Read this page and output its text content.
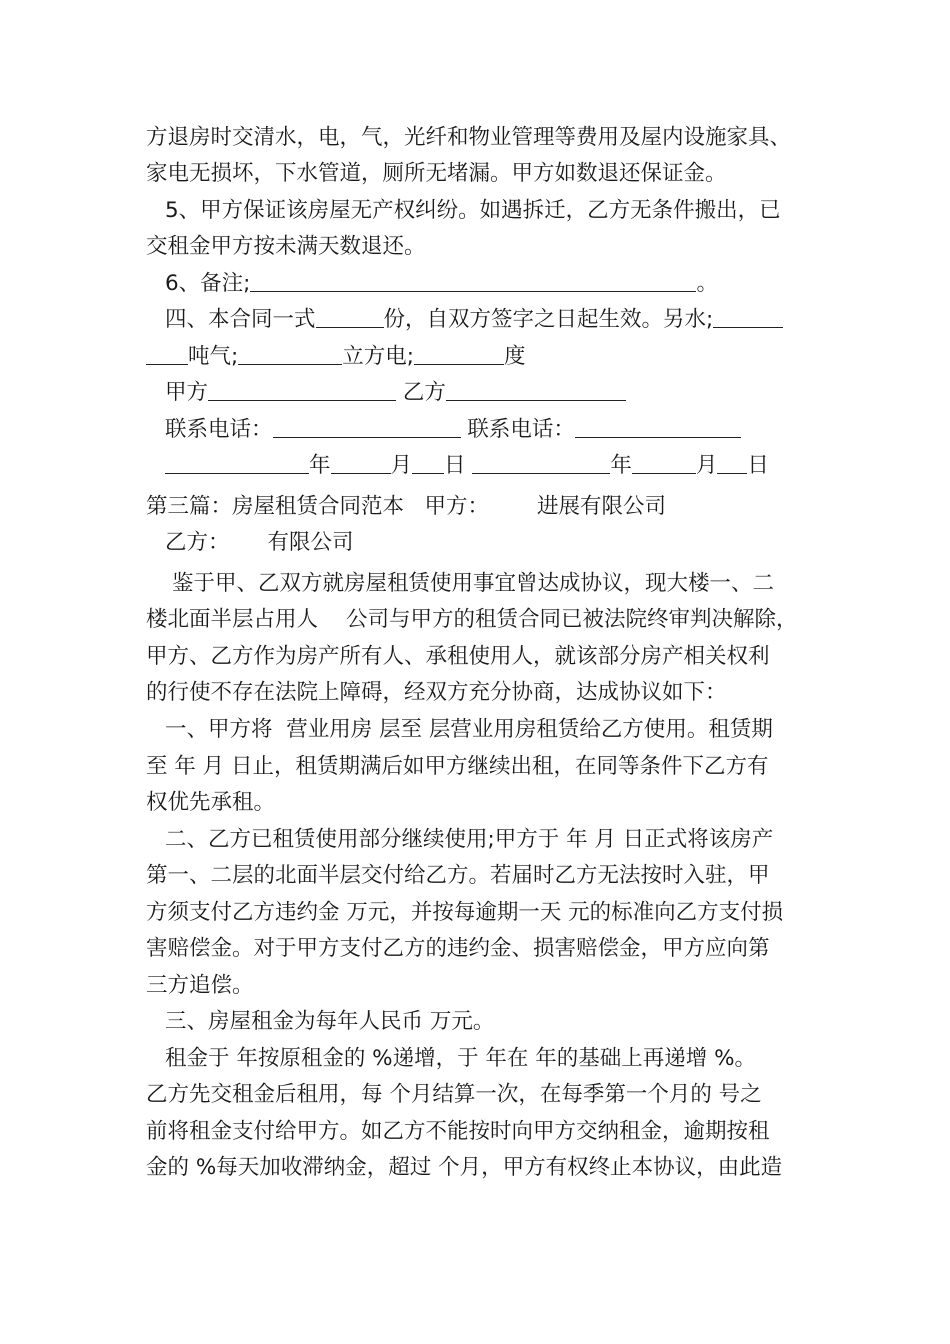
方退房时交清水，电，气，光纤和物业管理等费用及屋内设施家具、
家电无损坏，下水管道，厕所无堵漏。甲方如数退还保证金。
5、甲方保证该房屋无产权纠纷。如遇拆迁，乙方无条件搬出，已
交租金甲方按未满天数退还。
6、备注;	。
四、本合同一式	份，自双方签字之日起生效。另水;
吨气;	立方电;	度
甲方	乙方
联系电话：	联系电话：
年	月 日	年	月 日
第三篇：房屋租赁合同范本 甲方： 进展有限公司
乙方： 有限公司
鉴于甲、乙双方就房屋租赁使用事宜曾达成协议，现大楼一、二
楼北面半层占用人 公司与甲方的租赁合同已被法院终审判决解除，
甲方、乙方作为房产所有人、承租使用人，就该部分房产相关权利
的行使不存在法院上障碍，经双方充分协商，达成协议如下：
一、甲方将 营业用房 层至 层营业用房租赁给乙方使用。租赁期
至 年 月 日止，租赁期满后如甲方继续出租，在同等条件下乙方有
权优先承租。
二、乙方已租赁使用部分继续使用;甲方于 年 月 日正式将该房产
第一、二层的北面半层交付给乙方。若届时乙方无法按时入驻，甲
方须支付乙方违约金 万元，并按每逾期一天 元的标准向乙方支付损
害赔偿金。对于甲方支付乙方的违约金、损害赔偿金，甲方应向第
三方追偿。
三、房屋租金为每年人民币 万元。
租金于 年按原租金的 %递增，于 年在 年的基础上再递增 %。
乙方先交租金后租用，每 个月结算一次，在每季第一个月的 号之
前将租金支付给甲方。如乙方不能按时向甲方交纳租金，逾期按租
金的 %每天加收滞纳金，超过 个月，甲方有权终止本协议，由此造
